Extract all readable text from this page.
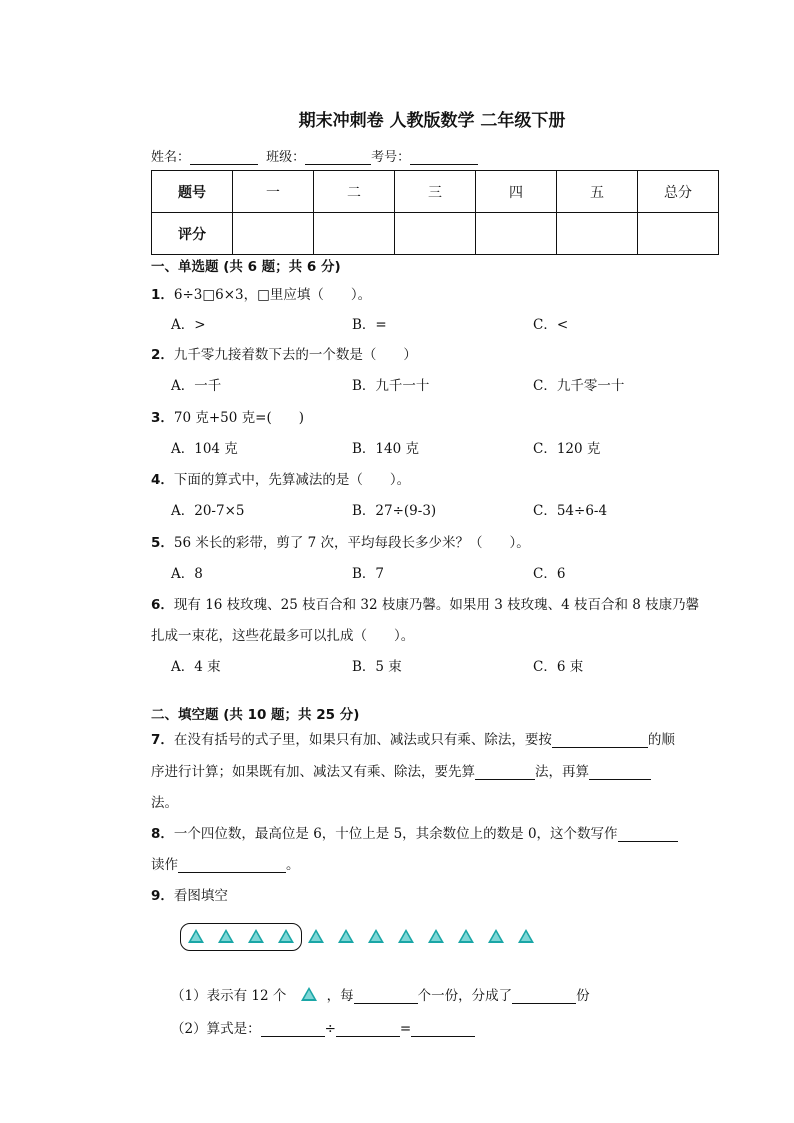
期末冲刺卷 人教版数学 二年级下册
姓名：	班级：	考号：
题号	一	二	三	四	五	总分
评分						
一、单选题 (共 6 题；共 6 分)
1．6÷3□6×3，□里应填（　　）。
A．>	B．=	C．<
2．九千零九接着数下去的一个数是（　　）
A．一千	B．九千一十	C．九千零一十
3．70 克+50 克=(　　)
A．104 克	B．140 克	C．120 克
4．下面的算式中，先算减法的是（　　）。
A．20-7×5	B．27÷(9-3)	C．54÷6-4
5．56 米长的彩带，剪了 7 次，平均每段长多少米？（　　）。
A．8	B．7	C．6
6．现有 16 枝玫瑰、25 枝百合和 32 枝康乃馨。如果用 3 枝玫瑰、4 枝百合和 8 枝康乃馨
扎成一束花，这些花最多可以扎成（　　）。
A．4 束	B．5 束	C．6 束
二、填空题 (共 10 题；共 25 分)
7．在没有括号的式子里，如果只有加、减法或只有乘、除法，要按	的顺
序进行计算；如果既有加、减法又有乘、除法，要先算	法，再算
法。
8．一个四位数，最高位是 6，十位上是 5，其余数位上的数是 0，这个数写作
读作	。
9．看图填空
（1）表示有 12 个	，每	个一份，分成了	份
（2）算式是：	÷	=
